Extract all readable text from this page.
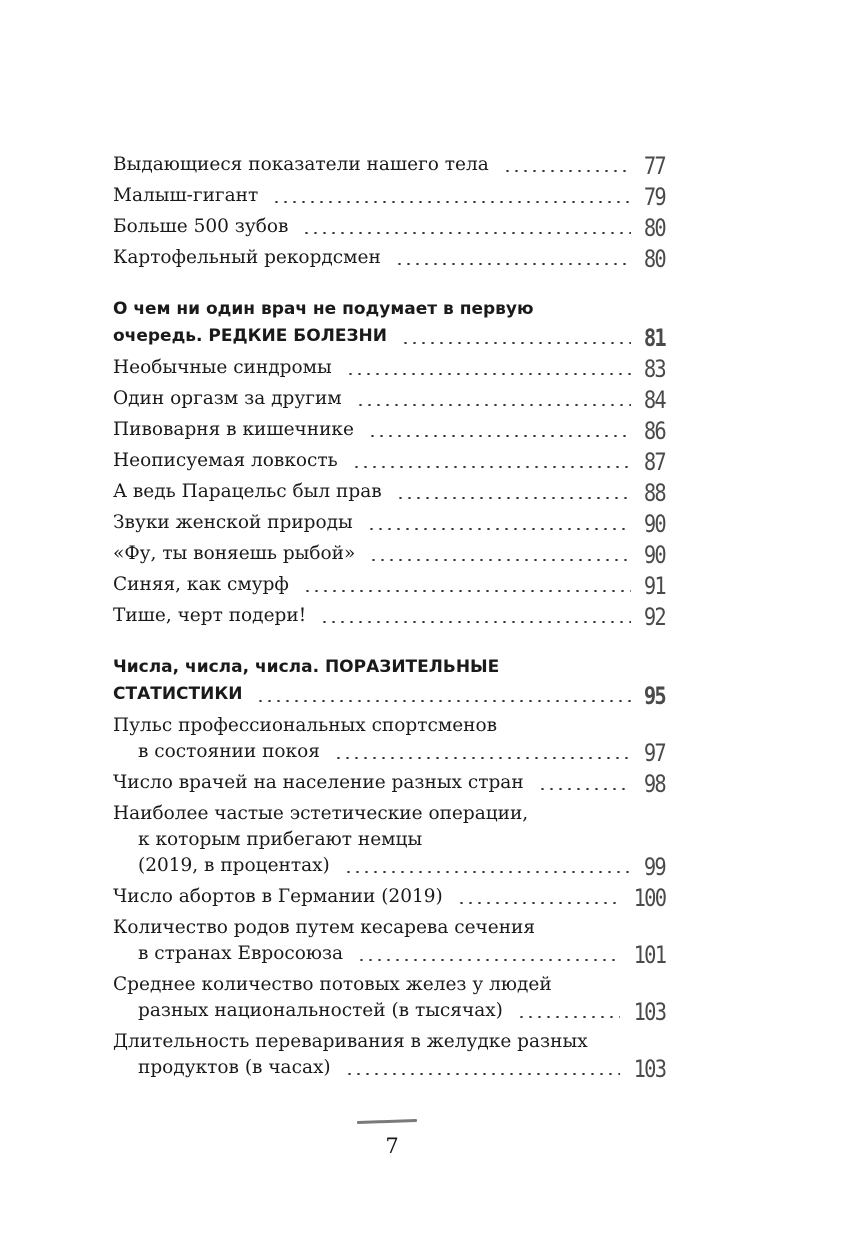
Выдающиеся показатели нашего тела	77
Малыш-гигант	79
Больше 500 зубов	80
Картофельный рекордсмен	80
О чем ни один врач не подумает в первую
очередь. РЕДКИЕ БОЛЕЗНИ	81
Необычные синдромы	83
Один оргазм за другим	84
Пивоварня в кишечнике	86
Неописуемая ловкость	87
А ведь Парацельс был прав	88
Звуки женской природы	90
«Фу, ты воняешь рыбой»	90
Синяя, как смурф	91
Тише, черт подери!	92
Числа, числа, числа. ПОРАЗИТЕЛЬНЫЕ
СТАТИСТИКИ	95
Пульс профессиональных спортсменов
в состоянии покоя	97
Число врачей на население разных стран	98
Наиболее частые эстетические операции,
к которым прибегают немцы
(2019, в процентах)	99
Число абортов в Германии (2019)	100
Количество родов путем кесарева сечения
в странах Евросоюза	101
Среднее количество потовых желез у людей
разных национальностей (в тысячах)	103
Длительность переваривания в желудке разных
продуктов (в часах)	103
7
